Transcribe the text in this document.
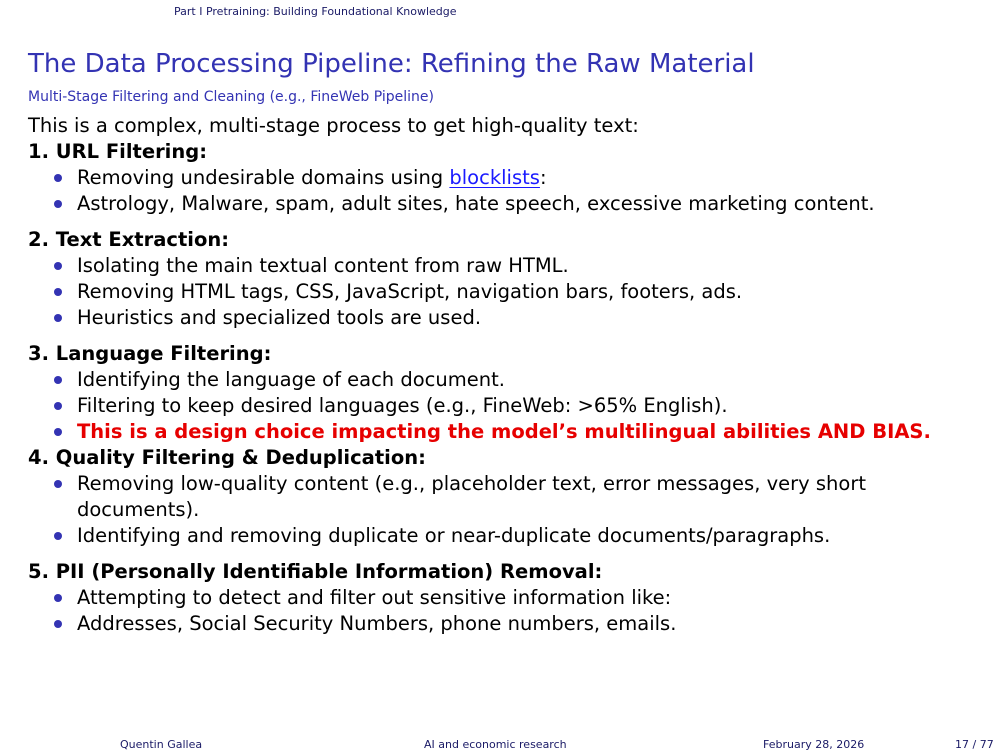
Part I Pretraining: Building Foundational Knowledge
The Data Processing Pipeline: Refining the Raw Material
Multi-Stage Filtering and Cleaning (e.g., FineWeb Pipeline)
This is a complex, multi-stage process to get high-quality text:
1. URL Filtering:
Removing undesirable domains using blocklists:
Astrology, Malware, spam, adult sites, hate speech, excessive marketing content.
2. Text Extraction:
Isolating the main textual content from raw HTML.
Removing HTML tags, CSS, JavaScript, navigation bars, footers, ads.
Heuristics and specialized tools are used.
3. Language Filtering:
Identifying the language of each document.
Filtering to keep desired languages (e.g., FineWeb: >65% English).
This is a design choice impacting the model’s multilingual abilities AND BIAS.
4. Quality Filtering & Deduplication:
Removing low-quality content (e.g., placeholder text, error messages, very short documents).
Identifying and removing duplicate or near-duplicate documents/paragraphs.
5. PII (Personally Identifiable Information) Removal:
Attempting to detect and filter out sensitive information like:
Addresses, Social Security Numbers, phone numbers, emails.
Quentin Gallea	AI and economic research	February 28, 2026	17 / 77
